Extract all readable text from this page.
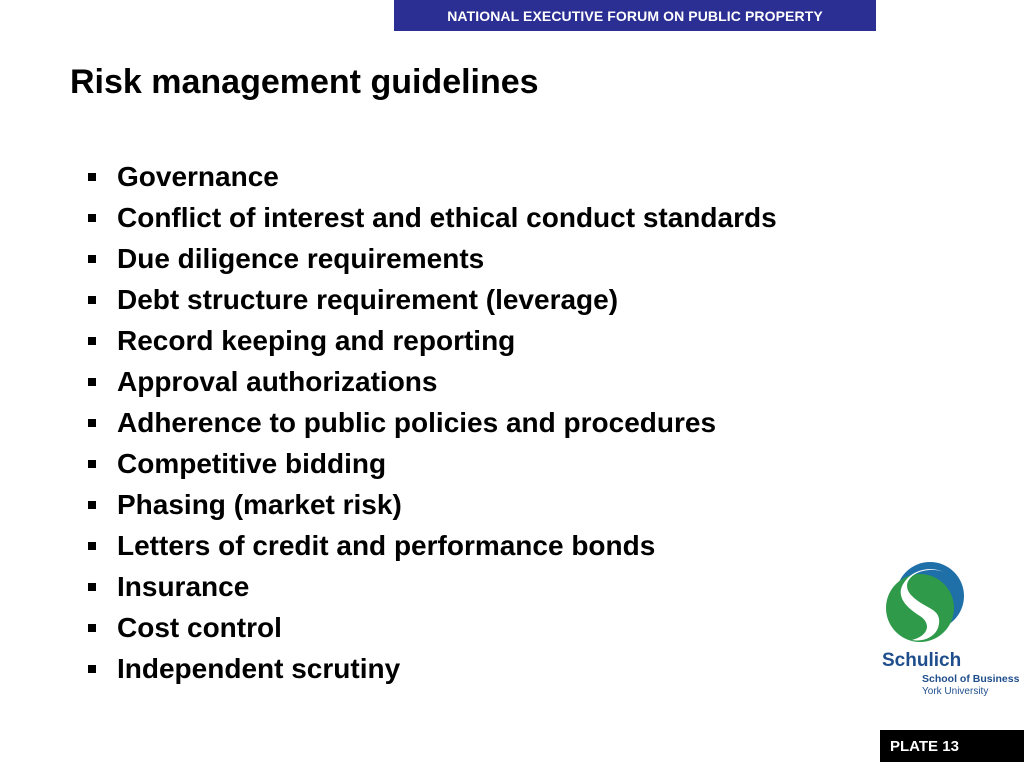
NATIONAL EXECUTIVE FORUM ON PUBLIC PROPERTY
Risk management guidelines
Governance
Conflict of interest and ethical conduct standards
Due diligence requirements
Debt structure requirement (leverage)
Record keeping and reporting
Approval authorizations
Adherence to public policies and procedures
Competitive bidding
Phasing (market risk)
Letters of credit and performance bonds
Insurance
Cost control
Independent scrutiny	Schulich
School of Business
York University
PLATE 13
